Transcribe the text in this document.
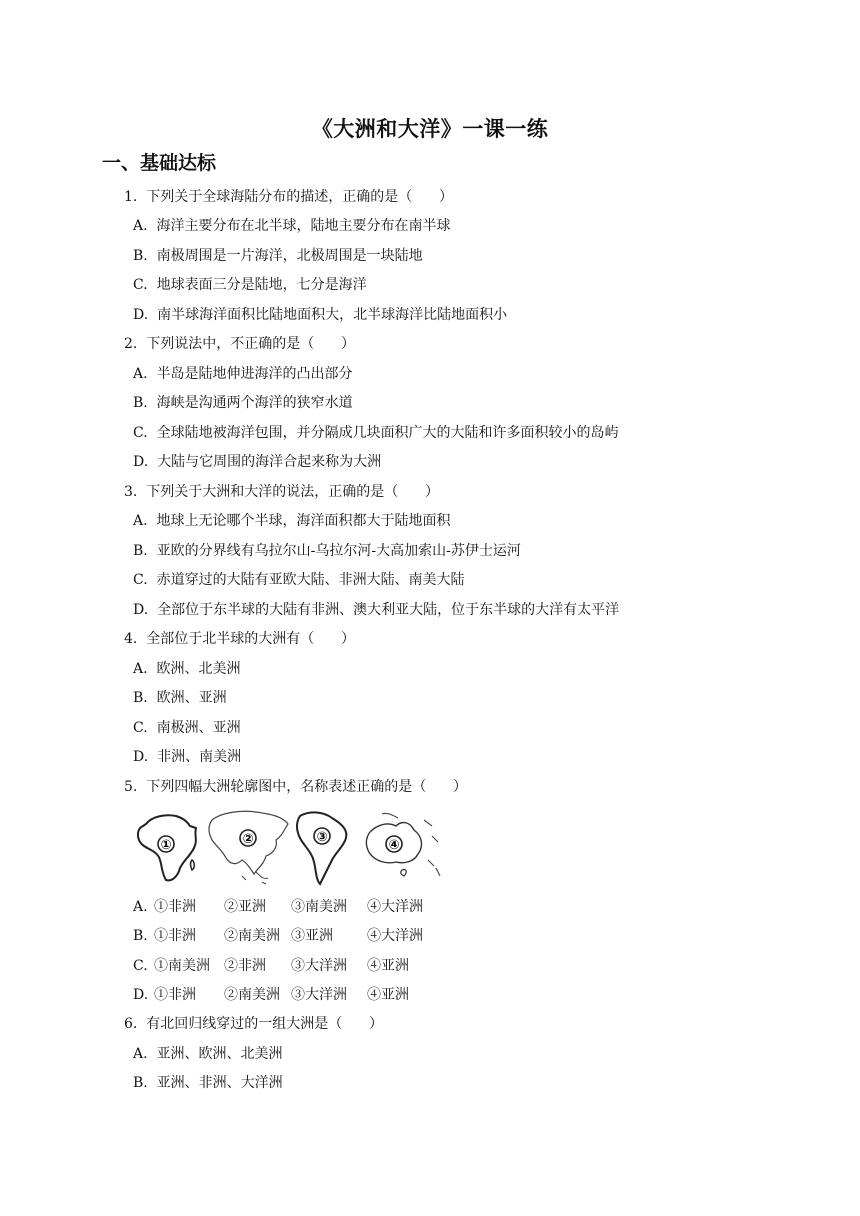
《大洲和大洋》一课一练
一、基础达标
1.  下列关于全球海陆分布的描述，正确的是（      ）
A.  海洋主要分布在北半球，陆地主要分布在南半球
B.  南极周围是一片海洋，北极周围是一块陆地
C.  地球表面三分是陆地，七分是海洋
D.  南半球海洋面积比陆地面积大，北半球海洋比陆地面积小
2.  下列说法中，不正确的是（      ）
A.  半岛是陆地伸进海洋的凸出部分
B.  海峡是沟通两个海洋的狭窄水道
C.  全球陆地被海洋包围，并分隔成几块面积广大的大陆和许多面积较小的岛屿
D.  大陆与它周围的海洋合起来称为大洲
3.  下列关于大洲和大洋的说法，正确的是（      ）
A.  地球上无论哪个半球，海洋面积都大于陆地面积
B.  亚欧的分界线有乌拉尔山-乌拉尔河-大高加索山-苏伊士运河
C.  赤道穿过的大陆有亚欧大陆、非洲大陆、南美大陆
D.  全部位于东半球的大陆有非洲、澳大利亚大陆，位于东半球的大洋有太平洋
4.  全部位于北半球的大洲有（      ）
A.  欧洲、北美洲
B.  欧洲、亚洲
C.  南极洲、亚洲
D.  非洲、南美洲
5.  下列四幅大洲轮廓图中，名称表述正确的是（      ）
①	②	③
④

A.

①非洲

②亚洲

③南美洲

④大洋洲

B.

①非洲

②南美洲

③亚洲

④大洋洲

C.

①南美洲

②非洲

③大洋洲

④亚洲

D.

①非洲

②南美洲

③大洋洲

④亚洲

6.  有北回归线穿过的一组大洲是（      ）
A.  亚洲、欧洲、北美洲
B.  亚洲、非洲、大洋洲
